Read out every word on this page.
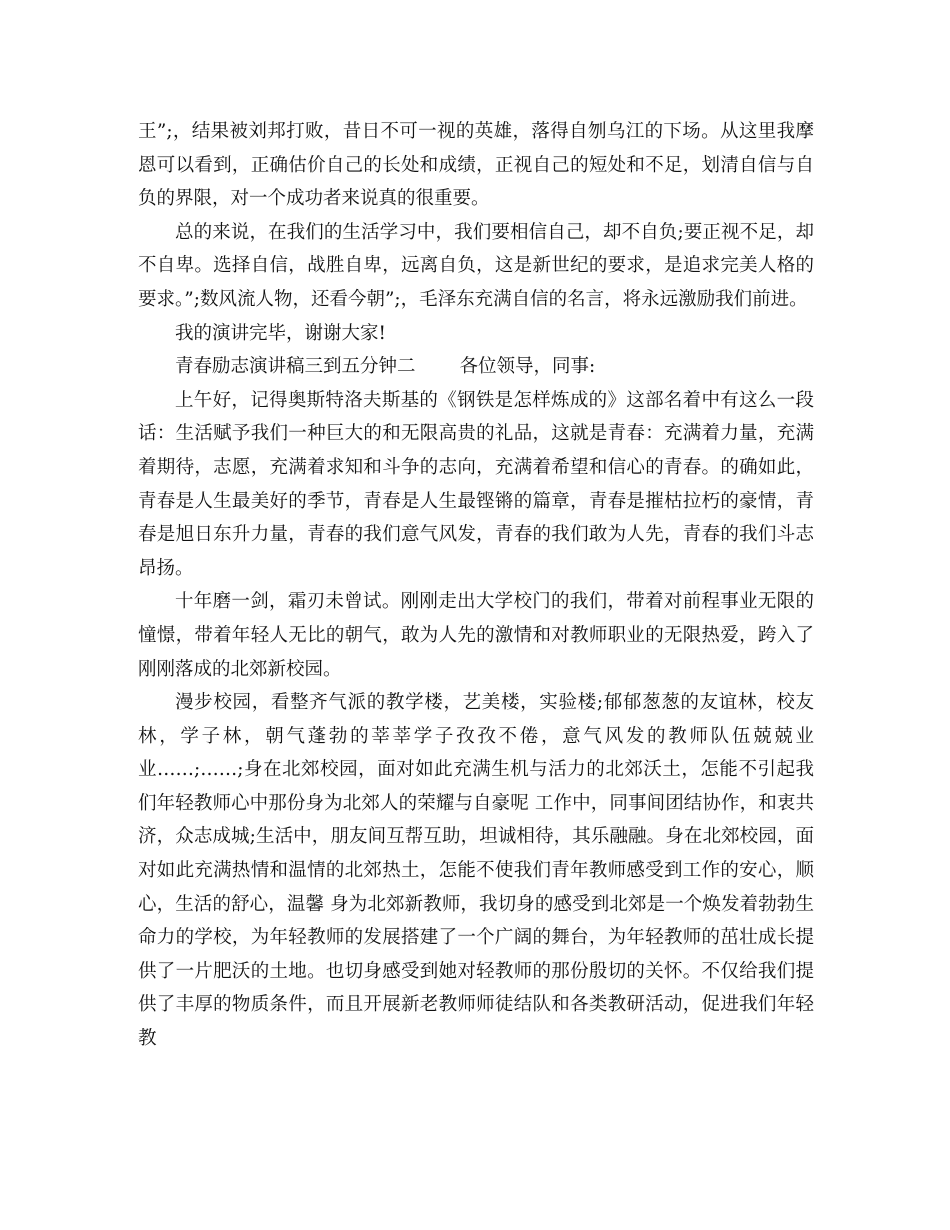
王”;，结果被刘邦打败，昔日不可一视的英雄，落得自刎乌江的下场。从这里我摩恩可以看到，正确估价自己的长处和成绩，正视自己的短处和不足，划清自信与自负的界限，对一个成功者来说真的很重要。

总的来说，在我们的生活学习中，我们要相信自己，却不自负;要正视不足，却不自卑。选择自信，战胜自卑，远离自负，这是新世纪的要求，是追求完美人格的要求。”;数风流人物，还看今朝”;，毛泽东充满自信的名言，将永远激励我们前进。

我的演讲完毕，谢谢大家!

青春励志演讲稿三到五分钟二 各位领导，同事:

上午好，记得奥斯特洛夫斯基的《钢铁是怎样炼成的》这部名着中有这么一段话：生活赋予我们一种巨大的和无限高贵的礼品，这就是青春：充满着力量，充满着期待，志愿，充满着求知和斗争的志向，充满着希望和信心的青春。的确如此，青春是人生最美好的季节，青春是人生最铿锵的篇章，青春是摧枯拉朽的豪情，青春是旭日东升力量，青春的我们意气风发，青春的我们敢为人先，青春的我们斗志昂扬。

十年磨一剑，霜刃未曾试。刚刚走出大学校门的我们，带着对前程事业无限的憧憬，带着年轻人无比的朝气，敢为人先的激情和对教师职业的无限热爱，跨入了刚刚落成的北郊新校园。

漫步校园，看整齐气派的教学楼，艺美楼，实验楼;郁郁葱葱的友谊林，校友林，学子林，朝气蓬勃的莘莘学子孜孜不倦，意气风发的教师队伍兢兢业业……;……;身在北郊校园，面对如此充满生机与活力的北郊沃土，怎能不引起我们年轻教师心中那份身为北郊人的荣耀与自豪呢 工作中，同事间团结协作，和衷共济，众志成城;生活中，朋友间互帮互助，坦诚相待，其乐融融。身在北郊校园，面对如此充满热情和温情的北郊热土，怎能不使我们青年教师感受到工作的安心，顺心，生活的舒心，温馨 身为北郊新教师，我切身的感受到北郊是一个焕发着勃勃生命力的学校，为年轻教师的发展搭建了一个广阔的舞台，为年轻教师的茁壮成长提供了一片肥沃的土地。也切身感受到她对轻教师的那份殷切的关怀。不仅给我们提供了丰厚的物质条件，而且开展新老教师师徒结队和各类教研活动，促进我们年轻教
